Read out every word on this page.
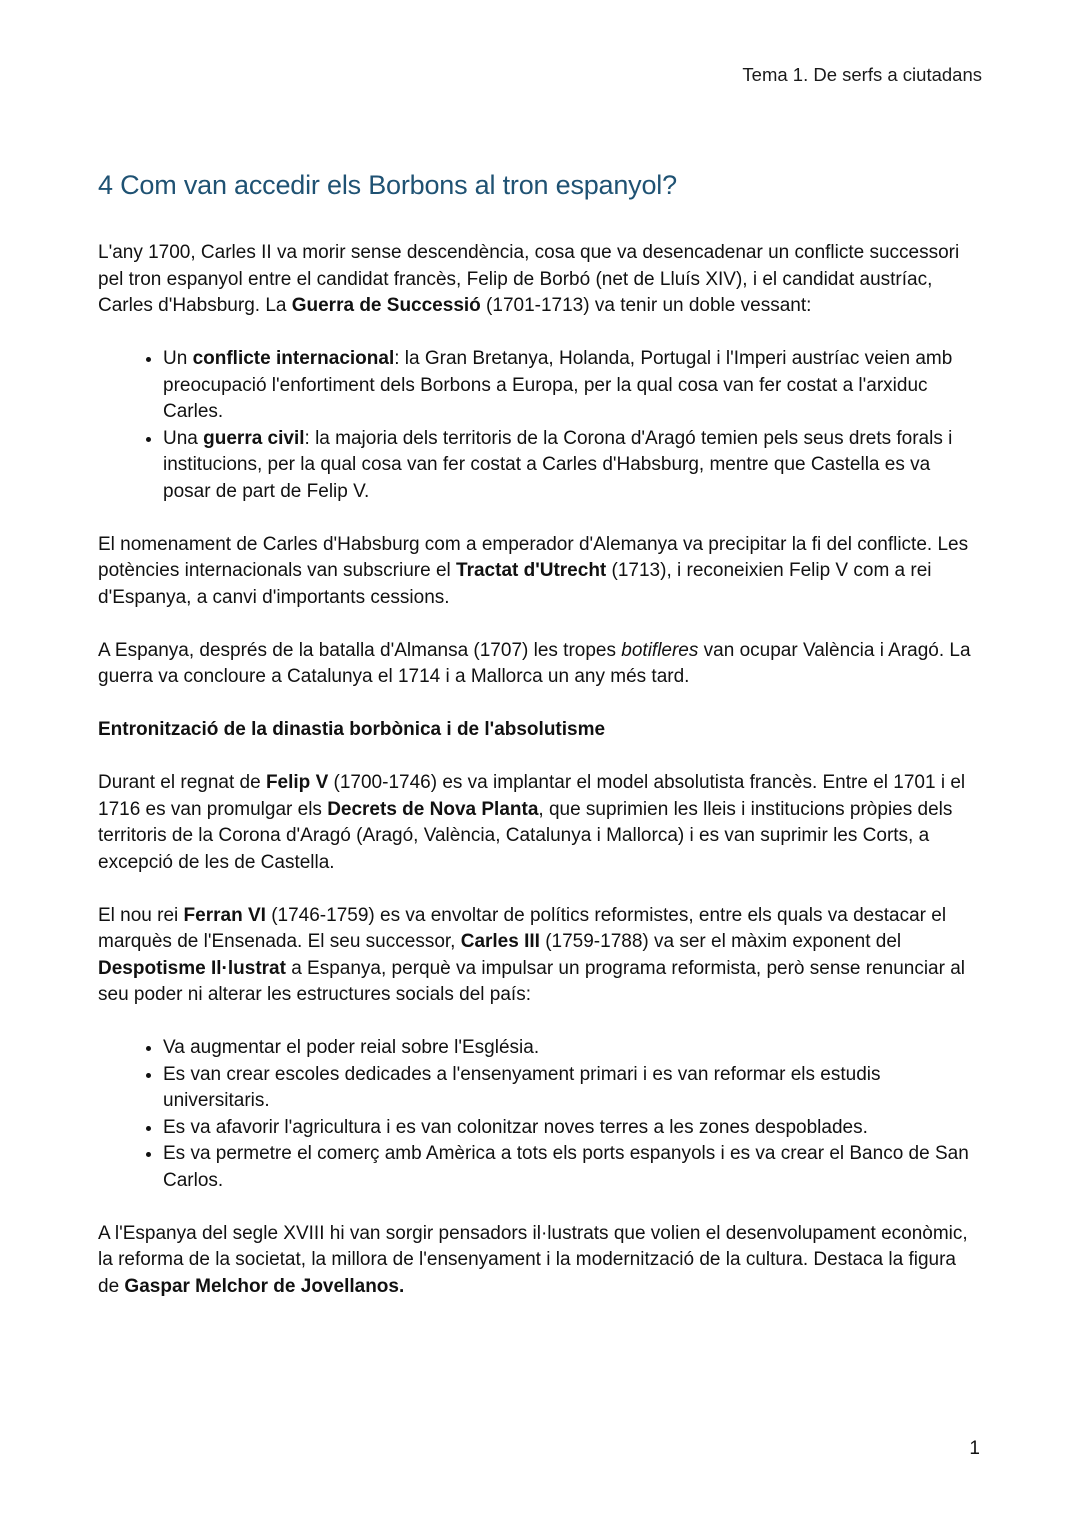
Tema 1. De serfs a ciutadans
4 Com van accedir els Borbons al tron espanyol?

L'any 1700, Carles II va morir sense descendència, cosa que va desencadenar un conflicte successori pel tron espanyol entre el candidat francès, Felip de Borbó (net de Lluís XIV), i el candidat austríac, Carles d'Habsburg. La Guerra de Successió (1701-1713) va tenir un doble vessant:

• Un conflicte internacional: la Gran Bretanya, Holanda, Portugal i l'Imperi austríac veien amb preocupació l'enfortiment dels Borbons a Europa, per la qual cosa van fer costat a l'arxiduc Carles.
• Una guerra civil: la majoria dels territoris de la Corona d'Aragó temien pels seus drets forals i institucions, per la qual cosa van fer costat a Carles d'Habsburg, mentre que Castella es va posar de part de Felip V.

El nomenament de Carles d'Habsburg com a emperador d'Alemanya va precipitar la fi del conflicte. Les potències internacionals van subscriure el Tractat d'Utrecht (1713), i reconeixien Felip V com a rei d'Espanya, a canvi d'importants cessions.

A Espanya, després de la batalla d'Almansa (1707) les tropes botifleres van ocupar València i Aragó. La guerra va concloure a Catalunya el 1714 i a Mallorca un any més tard.

Entronització de la dinastia borbònica i de l'absolutisme

Durant el regnat de Felip V (1700-1746) es va implantar el model absolutista francès. Entre el 1701 i el 1716 es van promulgar els Decrets de Nova Planta, que suprimien les lleis i institucions pròpies dels territoris de la Corona d'Aragó (Aragó, València, Catalunya i Mallorca) i es van suprimir les Corts, a excepció de les de Castella.

El nou rei Ferran VI (1746-1759) es va envoltar de polítics reformistes, entre els quals va destacar el marquès de l'Ensenada. El seu successor, Carles III (1759-1788) va ser el màxim exponent del Despotisme Il·lustrat a Espanya, perquè va impulsar un programa reformista, però sense renunciar al seu poder ni alterar les estructures socials del país:

• Va augmentar el poder reial sobre l'Església.
• Es van crear escoles dedicades a l'ensenyament primari i es van reformar els estudis universitaris.
• Es va afavorir l'agricultura i es van colonitzar noves terres a les zones despoblades.
• Es va permetre el comerç amb Amèrica a tots els ports espanyols i es va crear el Banco de San Carlos.

A l'Espanya del segle XVIII hi van sorgir pensadors il·lustrats que volien el desenvolupament econòmic, la reforma de la societat, la millora de l'ensenyament i la modernització de la cultura. Destaca la figura de Gaspar Melchor de Jovellanos.

1
